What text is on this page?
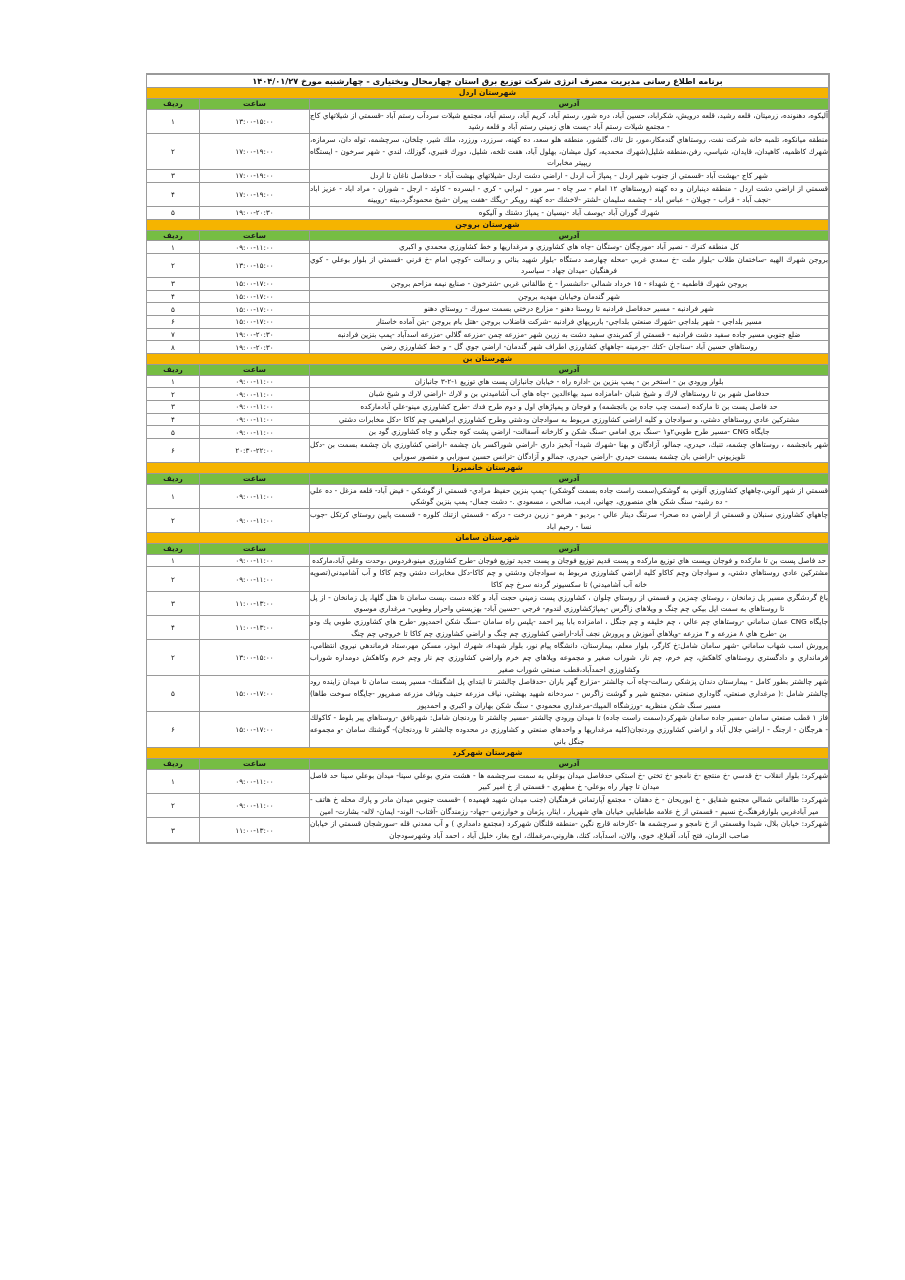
برنامه اطلاع رسانی مدیریت مصرف انرژی شرکت توزیع برق استان چهارمحال وبختیاری - چهارشنبه مورخ ۱۴۰۴/۰۱/۲۷		
شهرستان اردل		
آدرس	ساعت	ردیف
آليكوه، دهنونده، زرميتان، قلعه رشيد، قلعه درويش، شكراباد، حسين آباد، دره شور، رستم آباد، كريم آباد، رستم آباد، مجتمع شيلات سردآب رستم آباد -قسمتي از شيلاتهاي كاج - مجتمع شيلات رستم آباد -پست هاي زميني رستم آباد و قلعه رشيد	۱۳:۰۰-۱۵:۰۰	۱
منطقه ميانكوه، تلمبه خانه شركت نفت، روستاهاي گندمكار،مور، تل تاك، گلشور، منطقه هلو سعد، ده كهنه، سرزرد، ورزرد، ملك شير، چلخان، سرچشمه، توله دان، سرمازه، شهرك كاظميه، كاهيدان، قايدان، شياسي، رفن،منطقه شليل(شهرك محمديه، كول ميشان، بهلول آباد، هفت تلخه، شليل، دورك قنبري، گوزلك، لندي - شهر سرخون - ايستگاه ريپيتر مخابرات	۱۷:۰۰-۱۹:۰۰	۲
شهر كاج -بهشت آباد -قسمتي از جنوب شهر اردل - پمپاژ آب اردل - اراضي دشت اردل -شيلاتهاي بهشت آباد - حدفاصل ناغان تا اردل	۱۷:۰۰-۱۹:۰۰	۳
قسمتي از اراضي دشت اردل - منطقه دينباران و ده كهنه (روستاهاي ۱۲ امام - سر چاه - سر مور - ليرابي - كري - ابسرده - كاوئد - ارجل - شوران - مراد اباد - عزيز اباد -نجف آباد - قراب - جويلان - عباس اباد - چشمه سليمان -لشتر -لاخشك -ده كهنه رويكر -ريگك -هفت پيران -شيخ محمودگرد،بيته -رويينه	۱۷:۰۰-۱۹:۰۰	۴
شهرك گوران آباد -يوسف آباد -نيسيان - پمپاژ دشتك و آليكوه	۱۹:۰۰-۲۰:۳۰	۵
شهرستان بروجن		
آدرس	ساعت	ردیف
كل منطقه كنرك - نصير آباد -مورچگان -وستگان -چاه هاي كشاورزي و مرغداريها و خط كشاورزي محمدي و اكبري	۰۹:۰۰-۱۱:۰۰	۱
بروجن شهرك الهيه -ساختمان طلاب -بلوار ملت -خ سعدي غربي -محله چهارصد دستگاه -بلوار شهيد بنائي و رسالت -كوچي امام -خ قرني -قسمتي از بلوار بوعلي - كوي فرهنگيان -ميدان جهاد - سياسرد	۱۳:۰۰-۱۵:۰۰	۲
بروجن شهرك فاطميه - خ شهداء - ۱۵ خرداد شمالي -دانشسرا - خ طالقاني غربي -شترخون - صنايع نيمه مزاحم بروجن	۱۵:۰۰-۱۷:۰۰	۳
شهر گندمان وخيابان مهديه بروجن	۱۵:۰۰-۱۷:۰۰	۴
شهر فرادنبه - مسير حدفاصل فرادنبه تا روستا دهنو - مزارع درختي بسمت سورك - روستاي دهنو	۱۵:۰۰-۱۷:۰۰	۵
مسير بلداجي - شهر بلداجي -شهرك صنعتي بلداجي- باربريهاي فرادنبه -شركت فاضلاب بروجن -هتل بام بروجن -بتن آماده خاستار	۱۵:۰۰-۱۷:۰۰	۶
ضلع جنوبي مسير جاده سفيد دشت فرادنبه - قسمتي از كمربندي سفيد دشت به زرين شهر -مزرعه چمن -مزرعه گلالي -مزرعه اسدآباد -پمپ بنزين فرادنبه	۱۹:۰۰-۲۰:۳۰	۷
روستاهاي حسين آباد -سناجان -كتك -جرمينه -چاههاي كشاورزي اطراف شهر گندمان- اراضي جوي گل - و خط كشاورزي رضي	۱۹:۰۰-۲۰:۳۰	۸
شهرستان بن		
آدرس	ساعت	ردیف
بلوار ورودي بن - استخر بن - پمپ بنزين بن -اداره راه - خيابان جانبازان پست هاي توزيع ۱-۲-۳ جانبازان	۰۹:۰۰-۱۱:۰۰	۱
حدفاصل شهر بن تا روستاهاي لارك و شيخ شبان -امامزاده سيد بهاءالدين -چاه هاي آب آشاميدني بن و لارك -اراضي لارك و شيخ شبان	۰۹:۰۰-۱۱:۰۰	۲
حد فاصل پست بن تا ماركده (سمت چپ جاده بن بانجشمه) و فوجان و پمپاژهاي اول و دوم طرح فدك -طرح كشاورزي مينو-علي آبادماركده	۰۹:۰۰-۱۱:۰۰	۳
مشتركين عادي روستاهاي دشتي، و سوادجان و كليه اراضي كشاورزي مربوط به سوادجان ودشتي وطرح كشاورزي ابراهيمي چم كاكا -دكل مخابرات دشتي	۰۹:۰۰-۱۱:۰۰	۴
جايگاه CNG -مسير طرح طوبي۲و۱ -سنگ بري امامي -سنگ شكن و كارخانه آسفالت- اراضي پشت كوه جنگي و چاه كشاورزي گود بن	۰۹:۰۰-۱۱:۰۰	۵
شهر بانجشمه ، روستاهاي چشمه، تنبك، حيدري، جمالو، آزادگان و بهنا -شهرك شيدا- آبخيز داري -اراضي شوراكسر بان چشمه -اراضي كشاورزي بان چشمه بسمت بن -دكل تلويزيوني -اراضي بان چشمه بسمت حيدري -اراضي حيدري، جمالو و آزادگان -ترانس حسين سورابي و منصور سورابي	۲۰:۳۰-۲۲:۰۰	۶
شهرستان خانميرزا		
آدرس	ساعت	ردیف
قسمتي از شهر آلوني،چاههاي كشاورزي آلوني به گوشكي(سمت راست جاده بسمت گوشكي) -پمپ بنزين حفيظ مرادي- قسمتي از گوشكي - فيض آباد- قلعه مزغل - ده علي - ده رشيد- سنگ شكن هاي منصوري، جهاني، اديب، صالحي ، مسعودي .- دشت جمال- پمپ بنزين گوشكي	۰۹:۰۰-۱۱:۰۰	۱
چاههاي كشاورزي سنبلان و قسمتي از اراضي ده صحرا- سرتنگ دينار عالي - برديو - هرمو - زرين درخت - دركه - قسمتي ازتنك كلوره - قسمت پايين روستاي كرتكل -جوب نسا - رحيم اباد	۰۹:۰۰-۱۱:۰۰	۲
شهرستان سامان		
آدرس	ساعت	ردیف
حد فاصل پست بن تا ماركده و فوجان وپست هاي توزيع ماركده و پست قديم توزيع فوجان و پست جديد توزيع فوجان -طرح كشاورزي مينو،فردوس ،وحدت وعلي آباد،ماركده	۰۹:۰۰-۱۱:۰۰	۱
مشتركين عادي روستاهاي دشتي، و سوادجان وچم كاكاو كليه اراضي كشاورزي مربوط به سوادجان ودشتي و چم كاكا-دكل مخابرات دشتي وچم كاكا و آب آشاميدني(تصويه خانه آب آشاميدني) تا سكسيونر گردنه سرخ چم كاكا	۰۹:۰۰-۱۱:۰۰	۲
باغ گردشگري مسير پل زمانخان ، روستاي چمزين و قسمتي از روستاي چلوان ، كشاورزي پست زميني حجت آباد و كلاه دست ،پست سامان تا هتل گلها، پل زمانخان - از پل تا روستاهاي به سمت ايل بيكي چم چنگ و ويلاهاي زاگرس -پمپاژكشاورزي لندوم- فرجي -حسين آباد- بهزيستي واحرار وطوبي- مرغداري موسوي	۱۱:۰۰-۱۳:۰۰	۳
جايگاه CNG عمان ساماني -روستاهاي چم عالي ، چم خليفه و چم جنگل ، امامزاده بابا پير احمد -پليس راه سامان -سنگ شكن احمدپور -طرح هاي كشاورزي طوبي يك ودو بن -طرح هاي ۸ مزرعه و ۴ مزرعه -ويلاهاي آموزش و پرورش نجف آباد-اراضي كشاورزي چم چنگ و اراضي كشاورزي چم كاكا تا خروجي چم چنگ	۱۱:۰۰-۱۳:۰۰	۴
پرورش اسب شهاب ساماني -شهر سامان شامل:خ كارگر، بلوار معلم، بيمارستان، دانشگاه پيام نور، بلوار شهداء، شهرك ابوذر، مسكن مهر،ستاد فرماندهي نيروي انتظامي، فرمانداري و دادگستري روستاهاي كاهكش، چم خرم، چم نار، شوراب صغير و مجموعه ويلاهاي چم خرم واراضي كشاورزي چم نار وچم خرم وكاهكش دومداره شوراب وكشاورزي احمدآباد،قطب صنعتي شوراب صغير	۱۳:۰۰-۱۵:۰۰	۲
شهر چالشتر بطور كامل - بيمارستان دندان پزشكي رسالت-چاه آب چالشتر -مزارع گهر باران -حدفاصل چالشتر تا ابتداي پل اشگفتك- مسير پست سامان تا ميدان زاينده رود چالشتر شامل :( مرغداري صنعتي، گاوداري صنعتي ،مجتمع شير و گوشت زاگرس - سردخانه شهيد بهشتي، نياف مزرعه حنيف وتياف مزرعه صفرپور -جايگاه سوخت طاها) مسير سنگ شكن منظريه -ورزشگاه المپيك-مرغداري محمودي - سنگ شكن بهاران و اكبري و احمدپور	۱۵:۰۰-۱۷:۰۰	۵
فاز ۱ قطب صنعتي سامان -مسير جاده سامان شهركرد(سمت راست جاده) تا ميدان ورودي چالشتر -مسير چالشتر تا وردنجان شامل: شهرتافق -روستاهاي پير بلوط - كاكولك - هرجگان - ارجنگ - اراضي جلال آباد و اراضي كشاورزي وردنجان(كليه مرغداريها و واحدهاي صنعتي و كشاورزي در محدوده چالشتر تا وردنجان)- گوشتك سامان -و مجموعه جنگل باني	۱۵:۰۰-۱۷:۰۰	۶
شهرستان شهركرد		
آدرس	ساعت	ردیف
شهركرد: بلوار انقلاب -خ قدسي -خ منتجع -خ نامجو -خ تختي -خ استكي حدفاصل ميدان بوعلي به سمت سرچشمه ها - هشت متري بوعلي سينا- ميدان بوعلي سينا حد فاصل ميدان تا چهار راه بوعلي- خ مطهري - قسمتي از خ امير كبير	۰۹:۰۰-۱۱:۰۰	۱
شهركرد: طالقاني شمالي مجتمع شقايق - خ ابوريحان - خ دهقان - مجتمع آپارتماني فرهنگيان (جنب ميدان شهيد فهميده ) -قسمت جنوبي ميدان مادر و پارك محله خ هاتف - مير آبادغربي بلوارفرهنگ،خ نسيم - قسمتي از خ علامه طباطبايي خيابان هاي شهريار ، ايثار، پژمان و خوارزمي -جهاد- رزمندگان -آفتاب- الوند- ايمان- لاله- بشارت- امين	۰۹:۰۰-۱۱:۰۰	۲
شهركرد: خيابان بلال، شيدا وقسمتي از خ نامجو و سرچشمه ها -كارخانه قارچ نگين -منطقه قلنگان شهركرد (مجتمع دامداري ) و آب معدني قله -سورشجان قسمتي از خيابان صاحب الزمان، فتح آباد، آقبلاغ، خوي، والان، اسدآباد، كتك، هاروني،مرغملك، اوج بغاز، خليل آباد ، احمد آباد وشهرسودجان	۱۱:۰۰-۱۳:۰۰	۳
